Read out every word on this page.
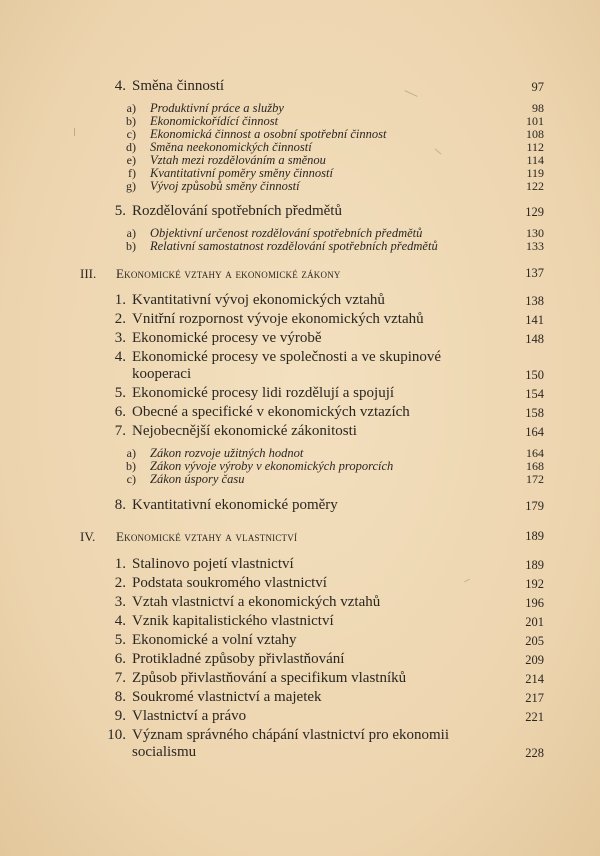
4. Směna činností	97
a) Produktivní práce a služby	98
b) Ekonomickořídící činnost	101
c) Ekonomická činnost a osobní spotřební činnost	108
d) Směna neekonomických činností	112
e) Vztah mezi rozdělováním a směnou	114
f) Kvantitativní poměry směny činností	119
g) Vývoj způsobů směny činností	122
5. Rozdělování spotřebních předmětů	129
a) Objektivní určenost rozdělování spotřebních předmětů	130
b) Relativní samostatnost rozdělování spotřebních předmětů	133
III.	Ekonomické vztahy a ekonomické zákony	137
1. Kvantitativní vývoj ekonomických vztahů	138
2. Vnitřní rozpornost vývoje ekonomických vztahů	141
3. Ekonomické procesy ve výrobě	148
4. Ekonomické procesy ve společnosti a ve skupinové
kooperaci	150
5. Ekonomické procesy lidi rozdělují a spojují	154
6. Obecné a specifické v ekonomických vztazích	158
7. Nejobecnější ekonomické zákonitosti	164
a) Zákon rozvoje užitných hodnot	164
b) Zákon vývoje výroby v ekonomických proporcích	168
c) Zákon úspory času	172
8. Kvantitativní ekonomické poměry	179
IV.	Ekonomické vztahy a vlastnictví	189
1. Stalinovo pojetí vlastnictví	189
2. Podstata soukromého vlastnictví	192
3. Vztah vlastnictví a ekonomických vztahů	196
4. Vznik kapitalistického vlastnictví	201
5. Ekonomické a volní vztahy	205
6. Protikladné způsoby přivlastňování	209
7. Způsob přivlastňování a specifikum vlastníků	214
8. Soukromé vlastnictví a majetek	217
9. Vlastnictví a právo	221
10. Význam správného chápání vlastnictví pro ekonomii
socialismu	228
